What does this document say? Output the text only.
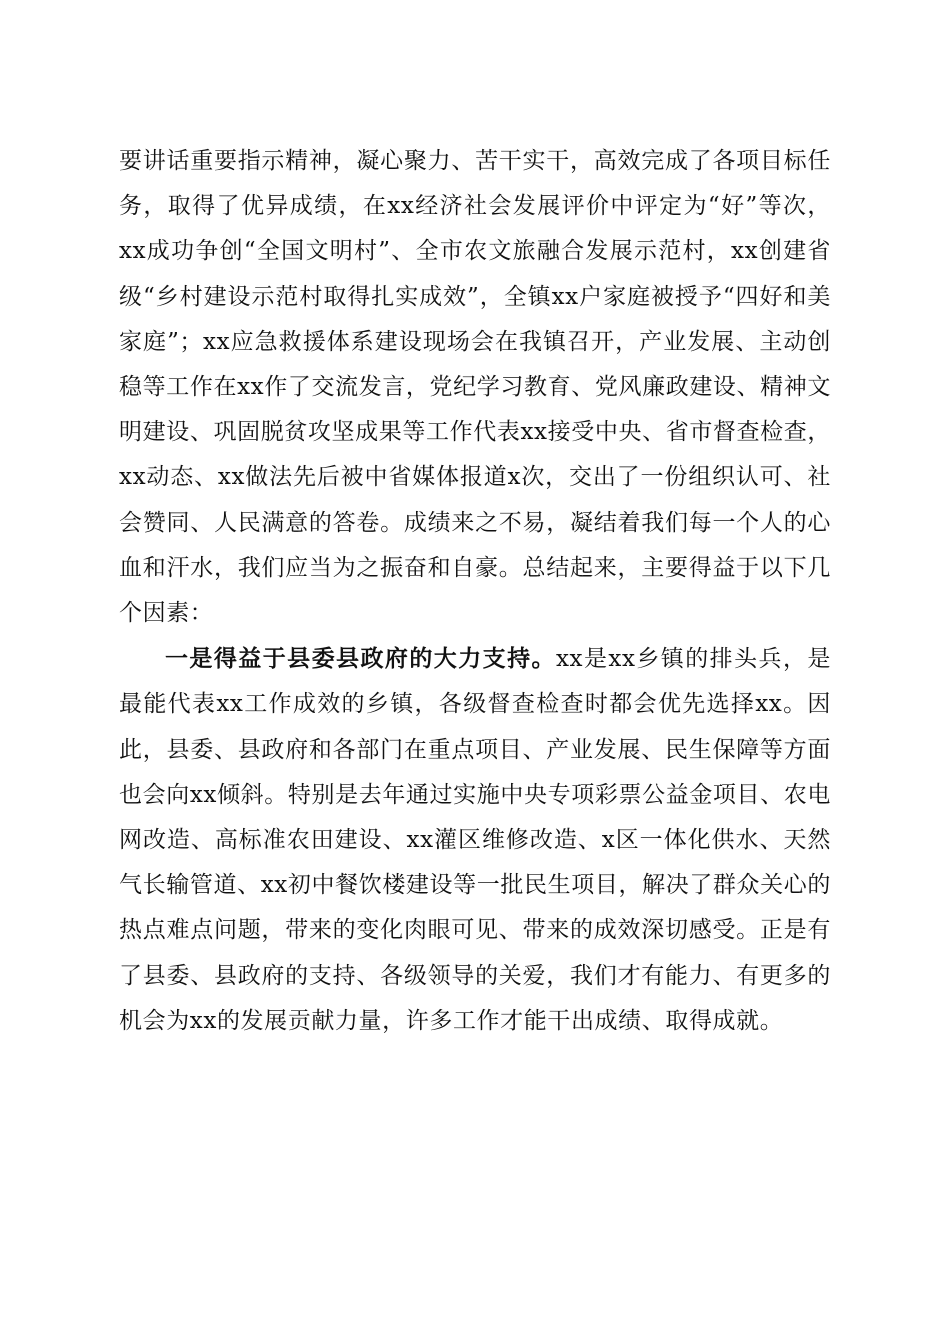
要讲话重要指示精神，凝心聚力、苦干实干，高效完成了各项目标任务，取得了优异成绩，在xx经济社会发展评价中评定为“好”等次，xx成功争创“全国文明村”、全市农文旅融合发展示范村，xx创建省级“乡村建设示范村取得扎实成效”，全镇xx户家庭被授予“四好和美家庭”；xx应急救援体系建设现场会在我镇召开，产业发展、主动创稳等工作在xx作了交流发言，党纪学习教育、党风廉政建设、精神文明建设、巩固脱贫攻坚成果等工作代表xx接受中央、省市督查检查，xx动态、xx做法先后被中省媒体报道x次，交出了一份组织认可、社会赞同、人民满意的答卷。成绩来之不易，凝结着我们每一个人的心血和汗水，我们应当为之振奋和自豪。总结起来，主要得益于以下几个因素：

一是得益于县委县政府的大力支持。xx是xx乡镇的排头兵，是最能代表xx工作成效的乡镇，各级督查检查时都会优先选择xx。因此，县委、县政府和各部门在重点项目、产业发展、民生保障等方面也会向xx倾斜。特别是去年通过实施中央专项彩票公益金项目、农电网改造、高标准农田建设、xx灌区维修改造、x区一体化供水、天然气长输管道、xx初中餐饮楼建设等一批民生项目，解决了群众关心的热点难点问题，带来的变化肉眼可见、带来的成效深切感受。正是有了县委、县政府的支持、各级领导的关爱，我们才有能力、有更多的机会为xx的发展贡献力量，许多工作才能干出成绩、取得成就。
